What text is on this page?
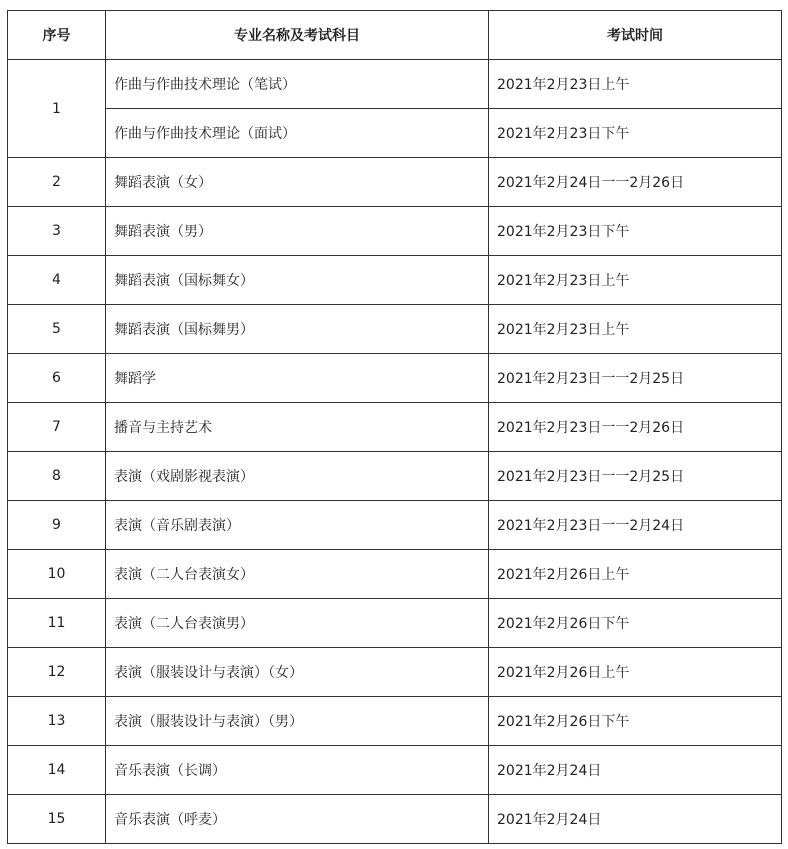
序号	专业名称及考试科目	考试时间
1	作曲与作曲技术理论（笔试）	2021年2月23日上午
	作曲与作曲技术理论（面试）	2021年2月23日下午
2	舞蹈表演（女）	2021年2月24日一一2月26日
3	舞蹈表演（男）	2021年2月23日下午
4	舞蹈表演（国标舞女）	2021年2月23日上午
5	舞蹈表演（国标舞男）	2021年2月23日上午
6	舞蹈学	2021年2月23日一一2月25日
7	播音与主持艺术	2021年2月23日一一2月26日
8	表演（戏剧影视表演）	2021年2月23日一一2月25日
9	表演（音乐剧表演）	2021年2月23日一一2月24日
10	表演（二人台表演女）	2021年2月26日上午
11	表演（二人台表演男）	2021年2月26日下午
12	表演（服装设计与表演）（女）	2021年2月26日上午
13	表演（服装设计与表演）（男）	2021年2月26日下午
14	音乐表演（长调）	2021年2月24日
15	音乐表演（呼麦）	2021年2月24日
